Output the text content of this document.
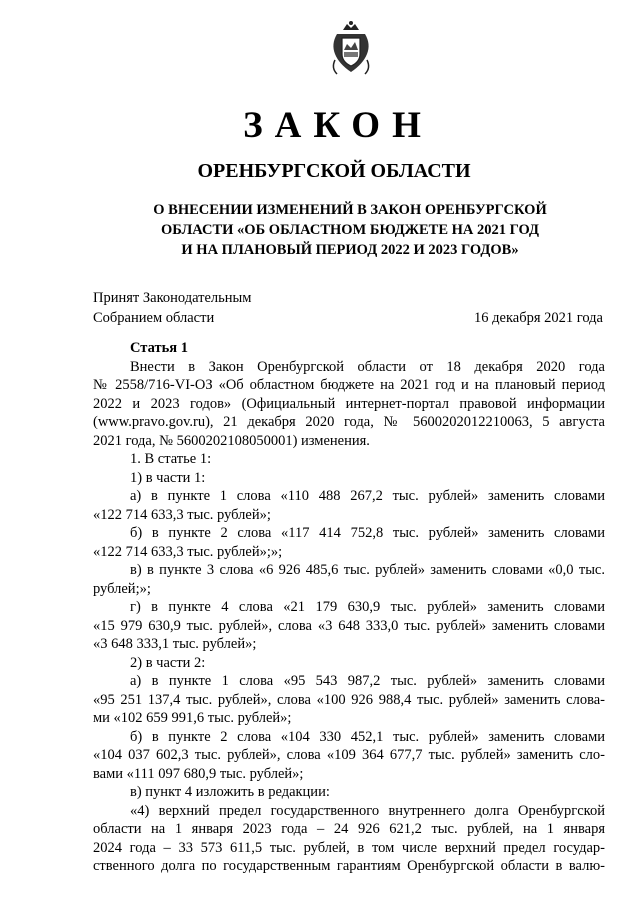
ЗАКОН
ОРЕНБУРГСКОЙ ОБЛАСТИ
О ВНЕСЕНИИ ИЗМЕНЕНИЙ В ЗАКОН ОРЕНБУРГСКОЙ
ОБЛАСТИ «ОБ ОБЛАСТНОМ БЮДЖЕТЕ НА 2021 ГОД
И НА ПЛАНОВЫЙ ПЕРИОД 2022 И 2023 ГОДОВ»
Принят Законодательным
Собранием области	16 декабря 2021 года
Статья 1
Внести в Закон Оренбургской области от 18 декабря 2020 года
№ 2558/716-VI-ОЗ «Об областном бюджете на 2021 год и на плановый период
2022 и 2023 годов» (Официальный интернет-портал правовой информации
(www.pravo.gov.ru), 21 декабря 2020 года, № 5600202012210063, 5 августа
2021 года, № 5600202108050001) изменения.
1. В статье 1:
1) в части 1:
а) в пункте 1 слова «110 488 267,2 тыс. рублей» заменить словами
«122 714 633,3 тыс. рублей»;
б) в пункте 2 слова «117 414 752,8 тыс. рублей» заменить словами
«122 714 633,3 тыс. рублей»;»;
в) в пункте 3 слова «6 926 485,6 тыс. рублей» заменить словами «0,0 тыс.
рублей;»;
г) в пункте 4 слова «21 179 630,9 тыс. рублей» заменить словами
«15 979 630,9 тыс. рублей», слова «3 648 333,0 тыс. рублей» заменить словами
«3 648 333,1 тыс. рублей»;
2) в части 2:
а) в пункте 1 слова «95 543 987,2 тыс. рублей» заменить словами
«95 251 137,4 тыс. рублей», слова «100 926 988,4 тыс. рублей» заменить слова-
ми «102 659 991,6 тыс. рублей»;
б) в пункте 2 слова «104 330 452,1 тыс. рублей» заменить словами
«104 037 602,3 тыс. рублей», слова «109 364 677,7 тыс. рублей» заменить сло-
вами «111 097 680,9 тыс. рублей»;
в) пункт 4 изложить в редакции:
«4) верхний предел государственного внутреннего долга Оренбургской
области на 1 января 2023 года – 24 926 621,2 тыс. рублей, на 1 января
2024 года – 33 573 611,5 тыс. рублей, в том числе верхний предел государ-
ственного долга по государственным гарантиям Оренбургской области в валю-
